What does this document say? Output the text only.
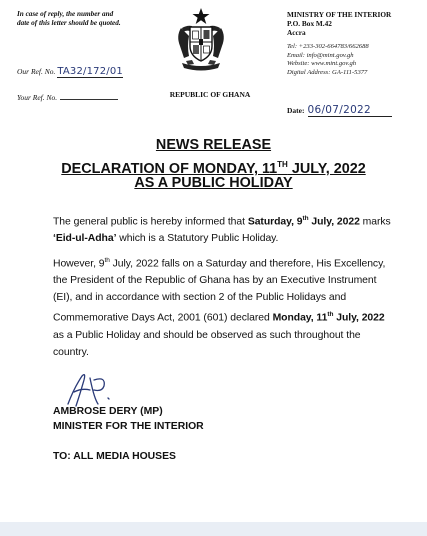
In case of reply, the number and date of this letter should be quoted.
Our Ref. No. TA32/172/01
Your Ref. No.	REPUBLIC OF GHANA
MINISTRY OF THE INTERIOR
P.O. Box M.42
Accra
Tel: +233-302-664783/662688
Email: info@mint.gov.gh
Website: www.mint.gov.gh
Digital Address: GA-111-5377
Date: 06/07/2022
NEWS RELEASE
DECLARATION OF MONDAY, 11TH JULY, 2022
AS A PUBLIC HOLIDAY
The general public is hereby informed that Saturday, 9th July, 2022 marks ‘Eid-ul-Adha’ which is a Statutory Public Holiday.
However, 9th July, 2022 falls on a Saturday and therefore, His Excellency, the President of the Republic of Ghana has by an Executive Instrument (EI), and in accordance with section 2 of the Public Holidays and Commemorative Days Act, 2001 (601) declared Monday, 11th July, 2022 as a Public Holiday and should be observed as such throughout the country.
AMBROSE DERY (MP)
MINISTER FOR THE INTERIOR
TO: ALL MEDIA HOUSES
